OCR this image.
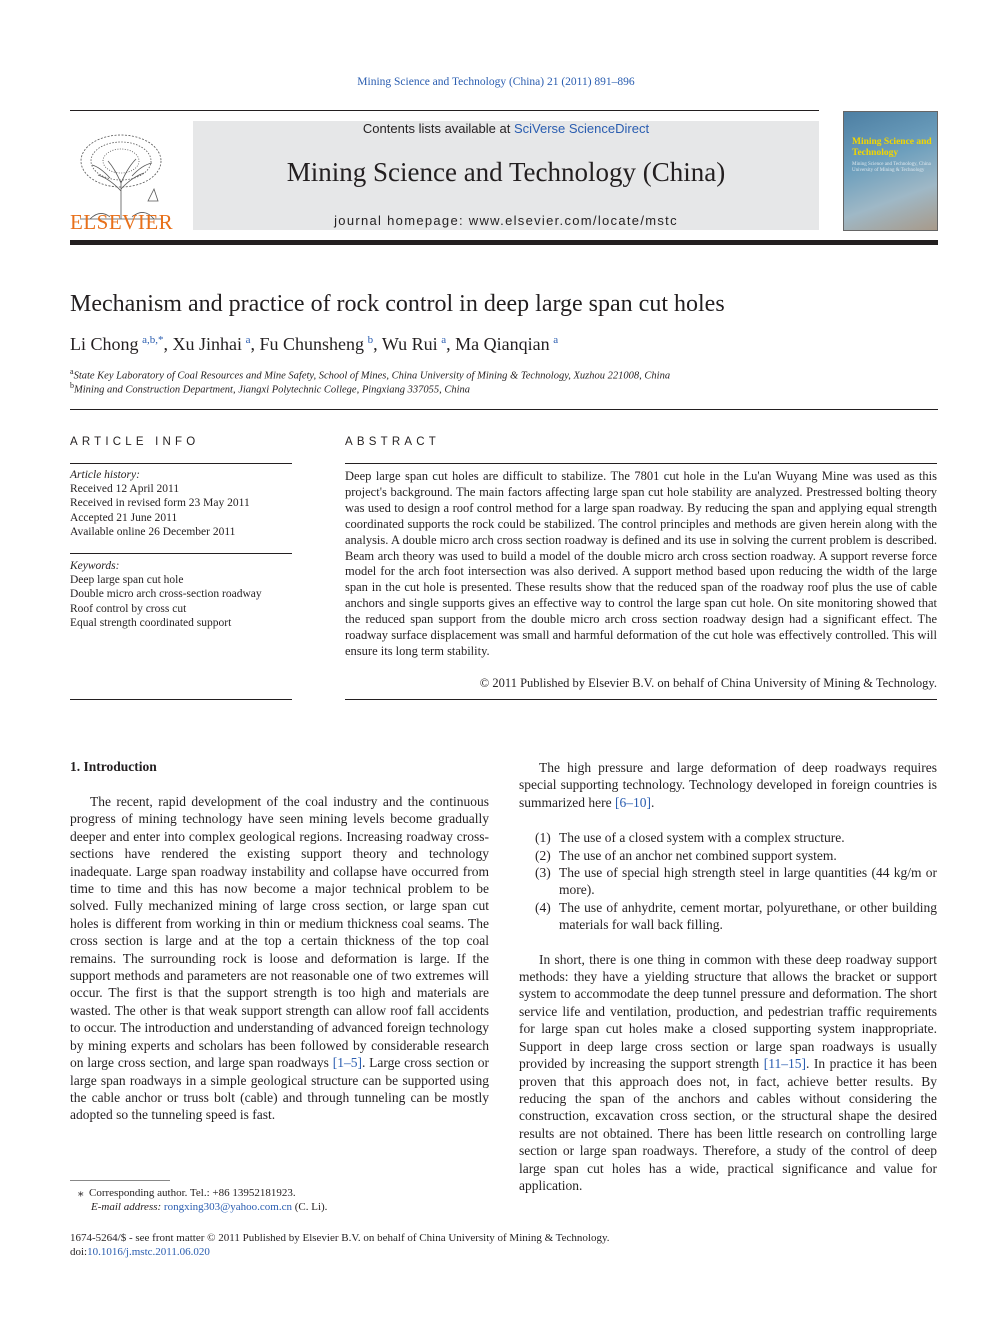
Mining Science and Technology (China) 21 (2011) 891–896
ELSEVIER
Contents lists available at SciVerse ScienceDirect
Mining Science and Technology (China)
journal homepage: www.elsevier.com/locate/mstc
Mining Science and Technology
Mining Science and Technology, China University of Mining & Technology
Mechanism and practice of rock control in deep large span cut holes
Li Chong  $^{a,b,*}$, Xu Jinhai  $^a$, Fu Chunsheng  $^b$, Wu Rui  $^a$, Ma Qianqian  $^a$
$^a$State Key Laboratory of Coal Resources and Mine Safety, School of Mines, China University of Mining & Technology, Xuzhou 221008, China
$^b$Mining and Construction Department, Jiangxi Polytechnic College, Pingxiang 337055, China
ARTICLE INFO
Article history:
Received 12 April 2011
Received in revised form 23 May 2011
Accepted 21 June 2011
Available online 26 December 2011
Keywords:
Deep large span cut hole
Double micro arch cross-section roadway
Roof control by cross cut
Equal strength coordinated support
ABSTRACT
Deep large span cut holes are difficult to stabilize. The 7801 cut hole in the Lu'an Wuyang Mine was used as this project's background. The main factors affecting large span cut hole stability are analyzed. Prestressed bolting theory was used to design a roof control method for a large span roadway. By reducing the span and applying equal strength coordinated supports the rock could be stabilized. The control principles and methods are given herein along with the analysis. A double micro arch cross section roadway is defined and its use in solving the current problem is described. Beam arch theory was used to build a model of the double micro arch cross section roadway. A support reverse force model for the arch foot intersection was also derived. A support method based upon reducing the width of the large span in the cut hole is presented. These results show that the reduced span of the roadway roof plus the use of cable anchors and single supports gives an effective way to control the large span cut hole. On site monitoring showed that the reduced span support from the double micro arch cross section roadway design had a significant effect. The roadway surface displacement was small and harmful deformation of the cut hole was effectively controlled. This will ensure its long term stability.
© 2011 Published by Elsevier B.V. on behalf of China University of Mining & Technology.
1. Introduction

The recent, rapid development of the coal industry and the continuous progress of mining technology have seen mining levels become gradually deeper and enter into complex geological regions. Increasing roadway cross-sections have rendered the existing support theory and technology inadequate. Large span roadway instability and collapse have occurred from time to time and this has now become a major technical problem to be solved. Fully mechanized mining of large cross section, or large span cut holes is different from working in thin or medium thickness coal seams. The cross section is large and at the top a certain thickness of the top coal remains. The surrounding rock is loose and deformation is large. If the support methods and parameters are not reasonable one of two extremes will occur. The first is that the support strength is too high and materials are wasted. The other is that weak support strength can allow roof fall accidents to occur. The introduction and understanding of advanced foreign technology by mining experts and scholars has been followed by considerable research on large cross section, and large span roadways [1–5]. Large cross section or large span roadways in a simple geological structure can be supported using the cable anchor or truss bolt (cable) and through tunneling can be mostly adopted so the tunneling speed is fast.

The high pressure and large deformation of deep roadways requires special supporting technology. Technology developed in foreign countries is summarized here [6–10].

(1) The use of a closed system with a complex structure.
(2) The use of an anchor net combined support system.
(3) The use of special high strength steel in large quantities (44 kg/m or more).
(4) The use of anhydrite, cement mortar, polyurethane, or other building materials for wall back filling.

In short, there is one thing in common with these deep roadway support methods: they have a yielding structure that allows the bracket or support system to accommodate the deep tunnel pressure and deformation. The short service life and ventilation, production, and pedestrian traffic requirements for large span cut holes make a closed supporting system inappropriate. Support in deep large cross section or large span roadways is usually provided by increasing the support strength [11–15]. In practice it has been proven that this approach does not, in fact, achieve better results. By reducing the span of the anchors and cables without considering the construction, excavation cross section, or the structural shape the desired results are not obtained. There has been little research on controlling large section or large span roadways. Therefore, a study of the control of deep large span cut holes has a wide, practical significance and value for application.

⁎ Corresponding author. Tel.: +86 13952181923.
E-mail address: rongxing303@yahoo.com.cn (C. Li).
1674-5264/$ - see front matter © 2011 Published by Elsevier B.V. on behalf of China University of Mining & Technology.
doi:10.1016/j.mstc.2011.06.020
